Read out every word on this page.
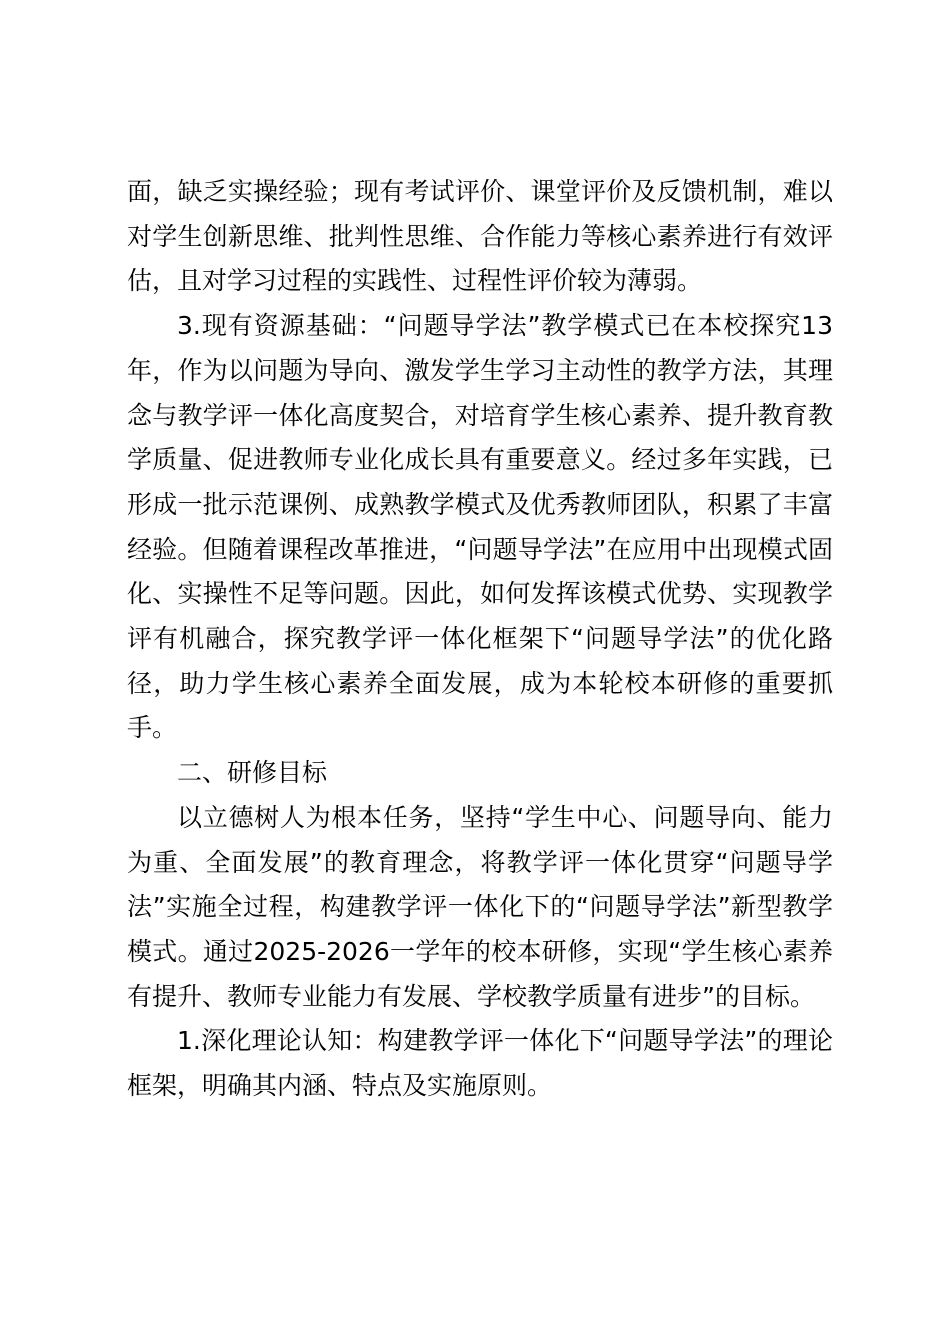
面，缺乏实操经验；现有考试评价、课堂评价及反馈机制，难以对学生创新思维、批判性思维、合作能力等核心素养进行有效评估，且对学习过程的实践性、过程性评价较为薄弱。

3.现有资源基础：“问题导学法”教学模式已在本校探究13年，作为以问题为导向、激发学生学习主动性的教学方法，其理念与教学评一体化高度契合，对培育学生核心素养、提升教育教学质量、促进教师专业化成长具有重要意义。经过多年实践，已形成一批示范课例、成熟教学模式及优秀教师团队，积累了丰富经验。但随着课程改革推进，“问题导学法”在应用中出现模式固化、实操性不足等问题。因此，如何发挥该模式优势、实现教学评有机融合，探究教学评一体化框架下“问题导学法”的优化路径，助力学生核心素养全面发展，成为本轮校本研修的重要抓手。

二、研修目标

以立德树人为根本任务，坚持“学生中心、问题导向、能力为重、全面发展”的教育理念，将教学评一体化贯穿“问题导学法”实施全过程，构建教学评一体化下的“问题导学法”新型教学模式。通过2025-2026一学年的校本研修，实现“学生核心素养有提升、教师专业能力有发展、学校教学质量有进步”的目标。

1.深化理论认知：构建教学评一体化下“问题导学法”的理论框架，明确其内涵、特点及实施原则。
